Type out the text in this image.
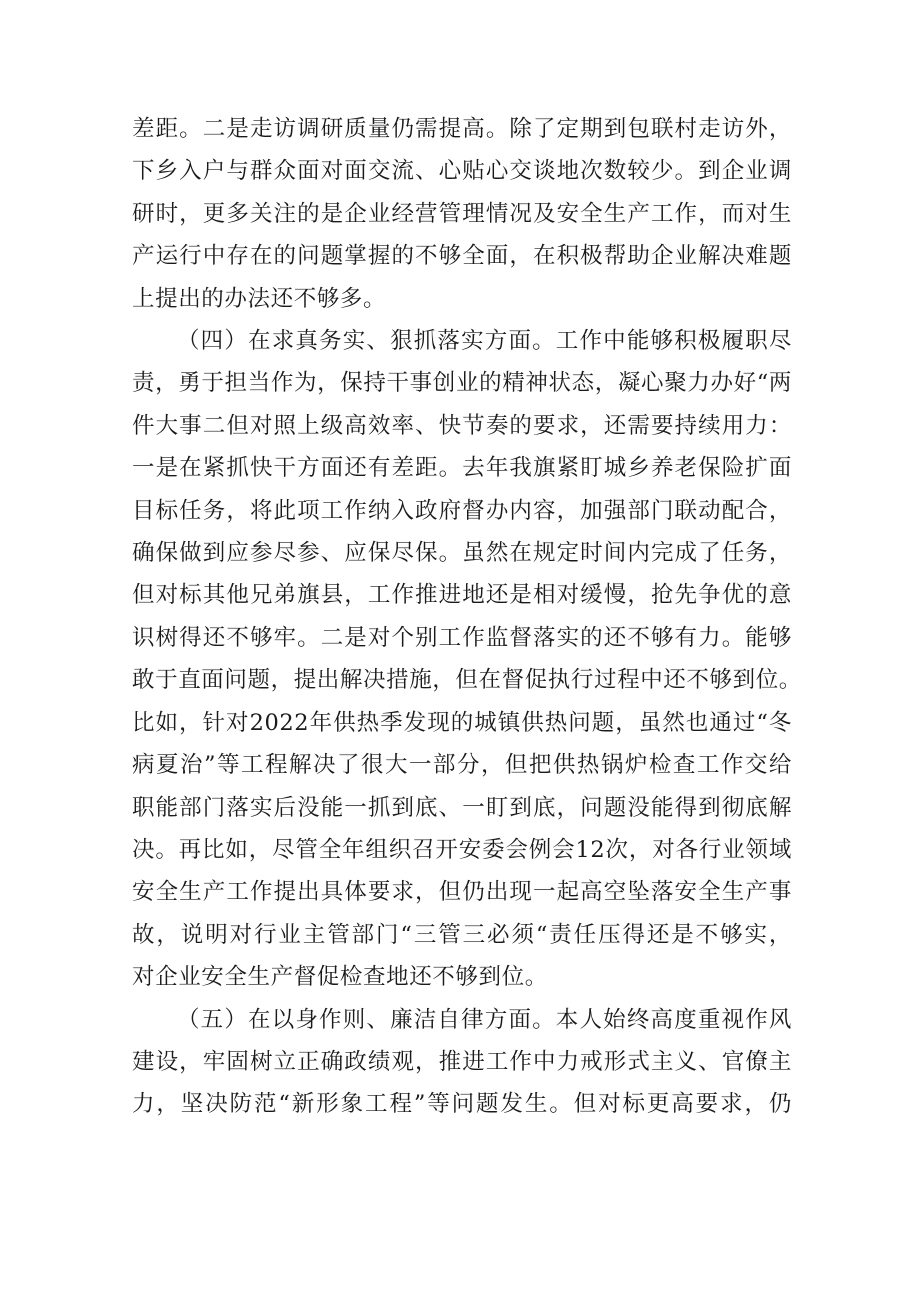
差距。二是走访调研质量仍需提高。除了定期到包联村走访外，
下乡入户与群众面对面交流、心贴心交谈地次数较少。到企业调
研时，更多关注的是企业经营管理情况及安全生产工作，而对生
产运行中存在的问题掌握的不够全面，在积极帮助企业解决难题
上提出的办法还不够多。
（四）在求真务实、狠抓落实方面。工作中能够积极履职尽
责，勇于担当作为，保持干事创业的精神状态，凝心聚力办好“两
件大事二但对照上级高效率、快节奏的要求，还需要持续用力：
一是在紧抓快干方面还有差距。去年我旗紧盯城乡养老保险扩面
目标任务，将此项工作纳入政府督办内容，加强部门联动配合，
确保做到应参尽参、应保尽保。虽然在规定时间内完成了任务，
但对标其他兄弟旗县，工作推进地还是相对缓慢，抢先争优的意
识树得还不够牢。二是对个别工作监督落实的还不够有力。能够
敢于直面问题，提出解决措施，但在督促执行过程中还不够到位。
比如，针对2022年供热季发现的城镇供热问题，虽然也通过“冬
病夏治”等工程解决了很大一部分，但把供热锅炉检查工作交给
职能部门落实后没能一抓到底、一盯到底，问题没能得到彻底解
决。再比如，尽管全年组织召开安委会例会12次，对各行业领域
安全生产工作提出具体要求，但仍出现一起高空坠落安全生产事
故，说明对行业主管部门“三管三必须“责任压得还是不够实，
对企业安全生产督促检查地还不够到位。
（五）在以身作则、廉洁自律方面。本人始终高度重视作风
建设，牢固树立正确政绩观，推进工作中力戒形式主义、官僚主
力，坚决防范“新形象工程”等问题发生。但对标更高要求，仍
